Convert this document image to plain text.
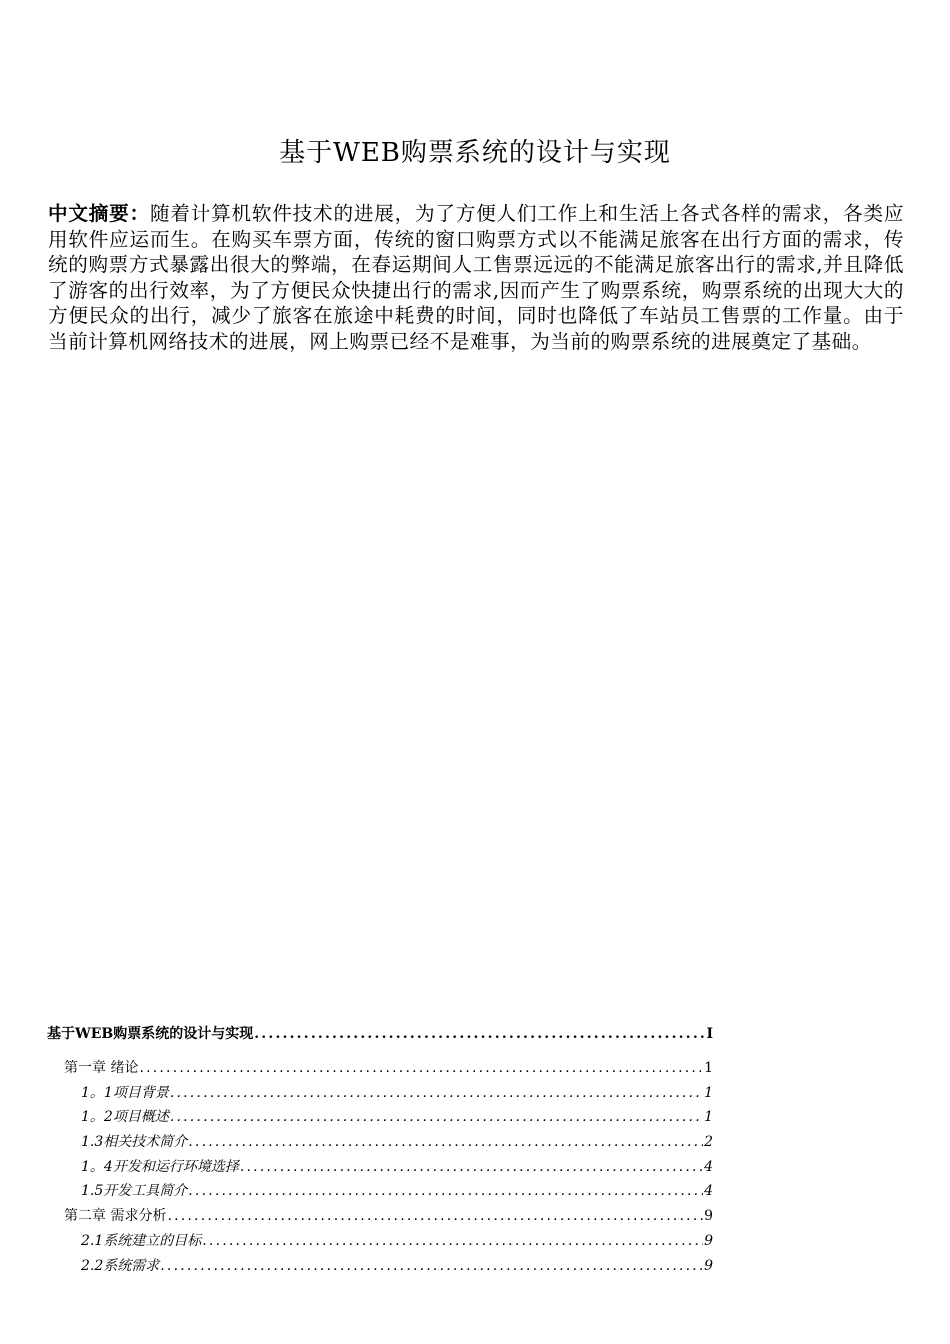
基于WEB购票系统的设计与实现
中文摘要：随着计算机软件技术的进展，为了方便人们工作上和生活上各式各样的需求，各类应用软件应运而生。在购买车票方面，传统的窗口购票方式以不能满足旅客在出行方面的需求，传统的购票方式暴露出很大的弊端，在春运期间人工售票远远的不能满足旅客出行的需求,并且降低了游客的出行效率，为了方便民众快捷出行的需求,因而产生了购票系统，购票系统的出现大大的方便民众的出行，减少了旅客在旅途中耗费的时间，同时也降低了车站员工售票的工作量。由于当前计算机网络技术的进展，网上购票已经不是难事，为当前的购票系统的进展奠定了基础。
基于WEB购票系统的设计与实现 .....	I
第一章 绪论 .....	1
1。1项目背景 .....	1
1。2项目概述 .....	1
1.3相关技术简介 .....	2
1。4开发和运行环境选择 .....	4
1.5开发工具简介 .....	4
第二章 需求分析 .....	9
2.1系统建立的目标 .....	9
2.2系统需求 .....	9
